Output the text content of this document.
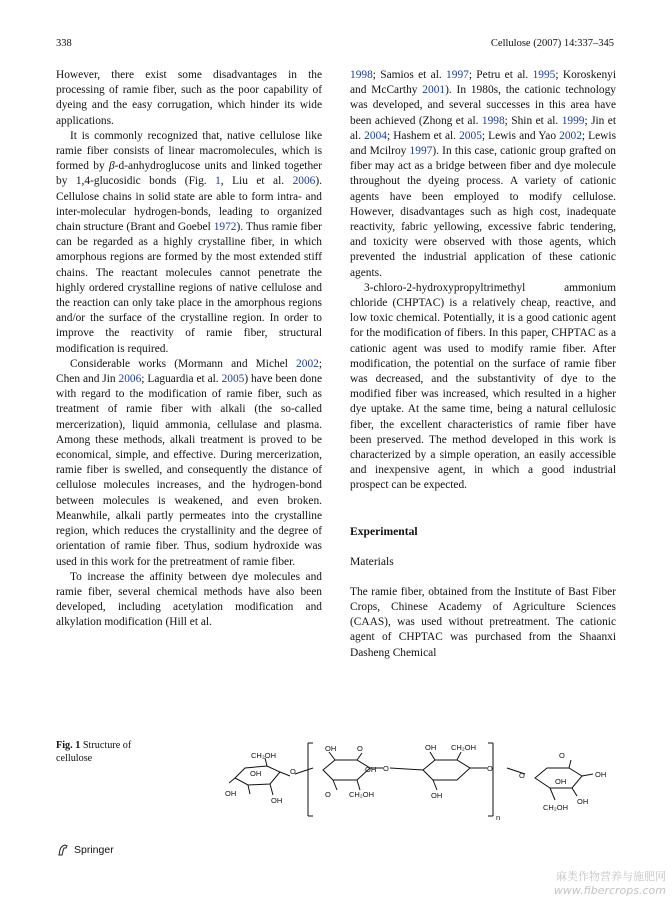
338	Cellulose (2007) 14:337–345

However, there exist some disadvantages in the processing of ramie fiber, such as the poor capability of dyeing and the easy corrugation, which hinder its wide applications.

It is commonly recognized that, native cellulose like ramie fiber consists of linear macromolecules, which is formed by β-d-anhydroglucose units and linked together by 1,4-glucosidic bonds (Fig. 1, Liu et al. 2006). Cellulose chains in solid state are able to form intra- and inter-molecular hydrogen-bonds, leading to organized chain structure (Brant and Goebel 1972). Thus ramie fiber can be regarded as a highly crystalline fiber, in which amorphous regions are formed by the most extended stiff chains. The reactant molecules cannot penetrate the highly ordered crystalline regions of native cellulose and the reaction can only take place in the amorphous regions and/or the surface of the crystalline region. In order to improve the reactivity of ramie fiber, structural modification is required.

Considerable works (Mormann and Michel 2002; Chen and Jin 2006; Laguardia et al. 2005) have been done with regard to the modification of ramie fiber, such as treatment of ramie fiber with alkali (the so-called mercerization), liquid ammonia, cellulase and plasma. Among these methods, alkali treatment is proved to be economical, simple, and effective. During mercerization, ramie fiber is swelled, and consequently the distance of cellulose molecules increases, and the hydrogen-bond between molecules is weakened, and even broken. Meanwhile, alkali partly permeates into the crystalline region, which reduces the crystallinity and the degree of orientation of ramie fiber. Thus, sodium hydroxide was used in this work for the pretreatment of ramie fiber.

To increase the affinity between dye molecules and ramie fiber, several chemical methods have also been developed, including acetylation modification and alkylation modification (Hill et al.

1998; Samios et al. 1997; Petru et al. 1995; Koroskenyi and McCarthy 2001). In 1980s, the cationic technology was developed, and several successes in this area have been achieved (Zhong et al. 1998; Shin et al. 1999; Jin et al. 2004; Hashem et al. 2005; Lewis and Yao 2002; Lewis and Mcilroy 1997). In this case, cationic group grafted on fiber may act as a bridge between fiber and dye molecule throughout the dyeing process. A variety of cationic agents have been employed to modify cellulose. However, disadvantages such as high cost, inadequate reactivity, fabric yellowing, excessive fabric tendering, and toxicity were observed with those agents, which prevented the industrial application of these cationic agents.

3-chloro-2-hydroxypropyltrimethyl ammonium chloride (CHPTAC) is a relatively cheap, reactive, and low toxic chemical. Potentially, it is a good cationic agent for the modification of fibers. In this paper, CHPTAC as a cationic agent was used to modify ramie fiber. After modification, the potential on the surface of ramie fiber was decreased, and the substantivity of dye to the modified fiber was increased, which resulted in a higher dye uptake. At the same time, being a natural cellulosic fiber, the excellent characteristics of ramie fiber have been preserved. The method developed in this work is characterized by a simple operation, an easily accessible and inexpensive agent, in which a good industrial prospect can be expected.

Experimental
Materials

The ramie fiber, obtained from the Institute of Bast Fiber Crops, Chinese Academy of Agriculture Sciences (CAAS), was used without pretreatment. The cationic agent of CHPTAC was purchased from the Shaanxi Dasheng Chemical

Fig. 1 Structure of cellulose	CH₂OH
O
OH
OH
OH
OH	O
OH
O CH₂OH
O
CH₂OH
OH
OH
O
n
O
O
OH
OH
OH
CH₂OH
Springer
麻类作物营养与施肥网
www.fibercrops.com
